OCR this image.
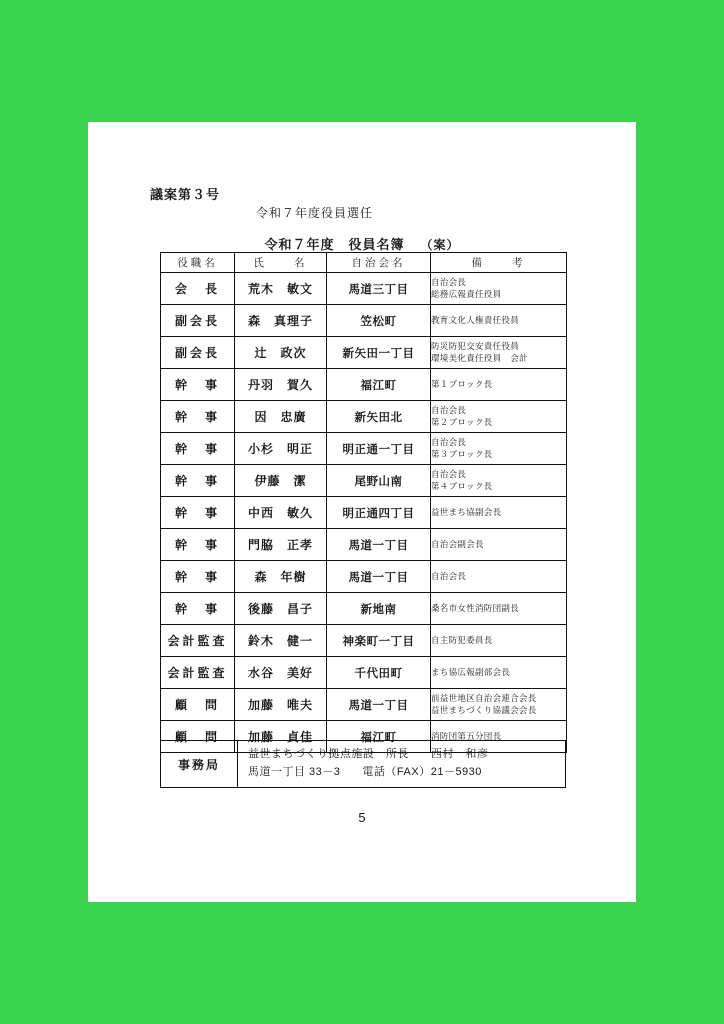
議案第３号
令和７年度役員選任
令和７年度　役員名簿 （案）
役職名	氏　　名	自治会名	備　　考
会　長	荒木　敏文	馬道三丁目	自治会長
総務広報責任役員

副会長	森　真理子	笠松町	教育文化人権責任役員

副会長	辻　政次	新矢田一丁目	防災防犯交安責任役員
環境美化責任役員　会計

幹　事	丹羽　賀久	福江町	第１ブロック長

幹　事	因　忠廣	新矢田北	自治会長
第２ブロック長

幹　事	小杉　明正	明正通一丁目	自治会長
第３ブロック長

幹　事	伊藤　潔	尾野山南	自治会長
第４ブロック長

幹　事	中西　敏久	明正通四丁目	益世まち協副会長

幹　事	門脇　正孝	馬道一丁目	自治会副会長

幹　事	森　年樹	馬道一丁目	自治会長

幹　事	後藤　昌子	新地南	桑名市女性消防団副長

会計監査	鈴木　健一	神楽町一丁目	自主防犯委員長

会計監査	水谷　美好	千代田町	まち協広報副部会長

顧　問	加藤　唯夫	馬道一丁目	前益世地区自治会連合会長
益世まちづくり協議会会長

顧　問	加藤　貞佳	福江町	消防団第五分団長
事務局	
益世まちづくり拠点施設　所長 西村　和彦
馬道一丁目 33－3 電話（FAX）21－5930
5
